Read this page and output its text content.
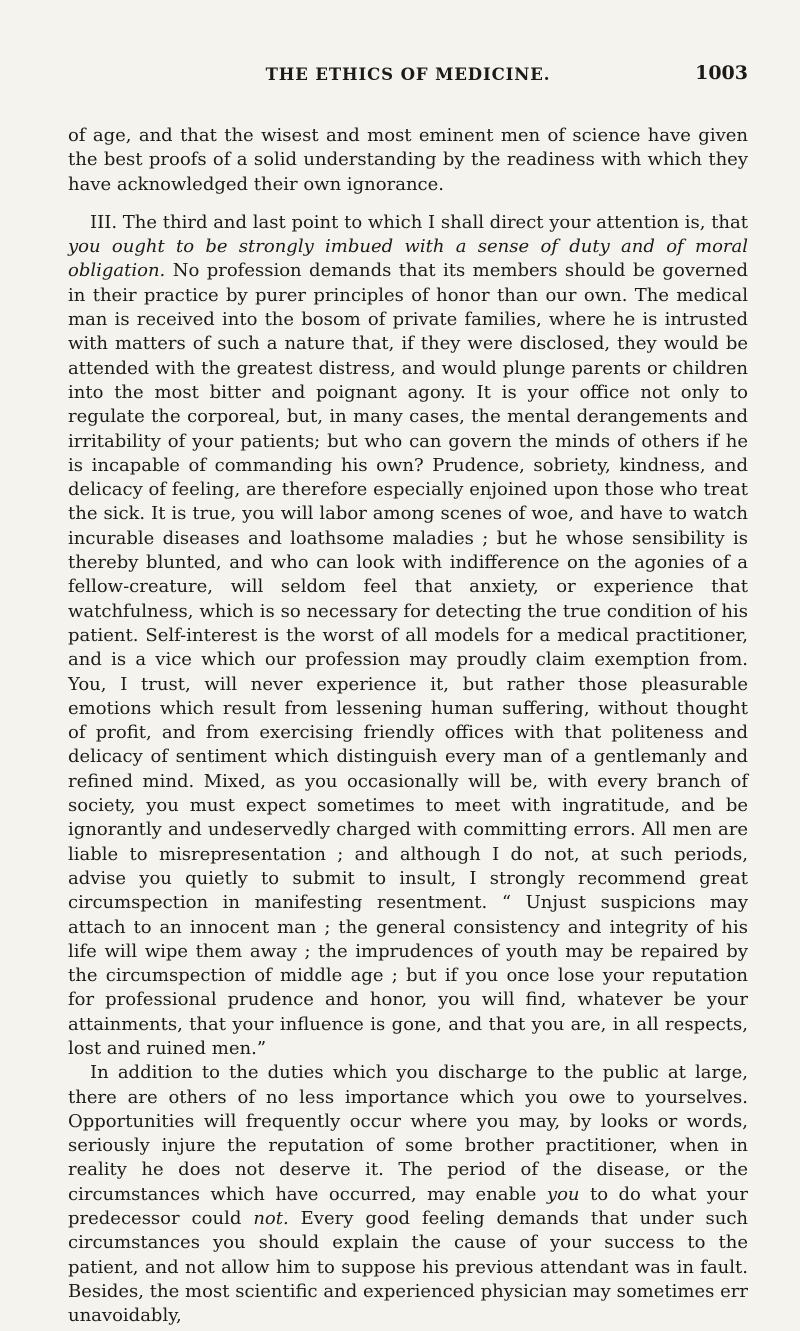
THE ETHICS OF MEDICINE.	1003

of age, and that the wisest and most eminent men of science have given the best proofs of a solid understanding by the readiness with which they have acknowledged their own ignorance.

III. The third and last point to which I shall direct your attention is, that you ought to be strongly imbued with a sense of duty and of moral obligation. No profession demands that its members should be governed in their practice by purer principles of honor than our own. The medical man is received into the bosom of private families, where he is intrusted with matters of such a nature that, if they were disclosed, they would be attended with the greatest distress, and would plunge parents or children into the most bitter and poignant agony. It is your office not only to regulate the corporeal, but, in many cases, the mental derangements and irritability of your patients; but who can govern the minds of others if he is incapable of commanding his own? Prudence, sobriety, kindness, and delicacy of feeling, are therefore especially enjoined upon those who treat the sick. It is true, you will labor among scenes of woe, and have to watch incurable diseases and loathsome maladies ; but he whose sensibility is thereby blunted, and who can look with indifference on the agonies of a fellow-creature, will seldom feel that anxiety, or experience that watchfulness, which is so necessary for detecting the true condition of his patient. Self-interest is the worst of all models for a medical practitioner, and is a vice which our profession may proudly claim exemption from. You, I trust, will never experience it, but rather those pleasurable emotions which result from lessening human suffering, without thought of profit, and from exercising friendly offices with that politeness and delicacy of sentiment which distinguish every man of a gentlemanly and refined mind. Mixed, as you occasionally will be, with every branch of society, you must expect sometimes to meet with ingratitude, and be ignorantly and undeservedly charged with committing errors. All men are liable to misrepresentation ; and although I do not, at such periods, advise you quietly to submit to insult, I strongly recommend great circumspection in manifesting resentment. “ Unjust suspicions may attach to an innocent man ; the general consistency and integrity of his life will wipe them away ; the imprudences of youth may be repaired by the circumspection of middle age ; but if you once lose your reputation for professional prudence and honor, you will find, whatever be your attainments, that your influence is gone, and that you are, in all respects, lost and ruined men.”

In addition to the duties which you discharge to the public at large, there are others of no less importance which you owe to yourselves. Opportunities will frequently occur where you may, by looks or words, seriously injure the reputation of some brother practitioner, when in reality he does not deserve it. The period of the disease, or the circumstances which have occurred, may enable you to do what your predecessor could not. Every good feeling demands that under such circumstances you should explain the cause of your success to the patient, and not allow him to suppose his previous attendant was in fault. Besides, the most scientific and experienced physician may sometimes err unavoidably,
